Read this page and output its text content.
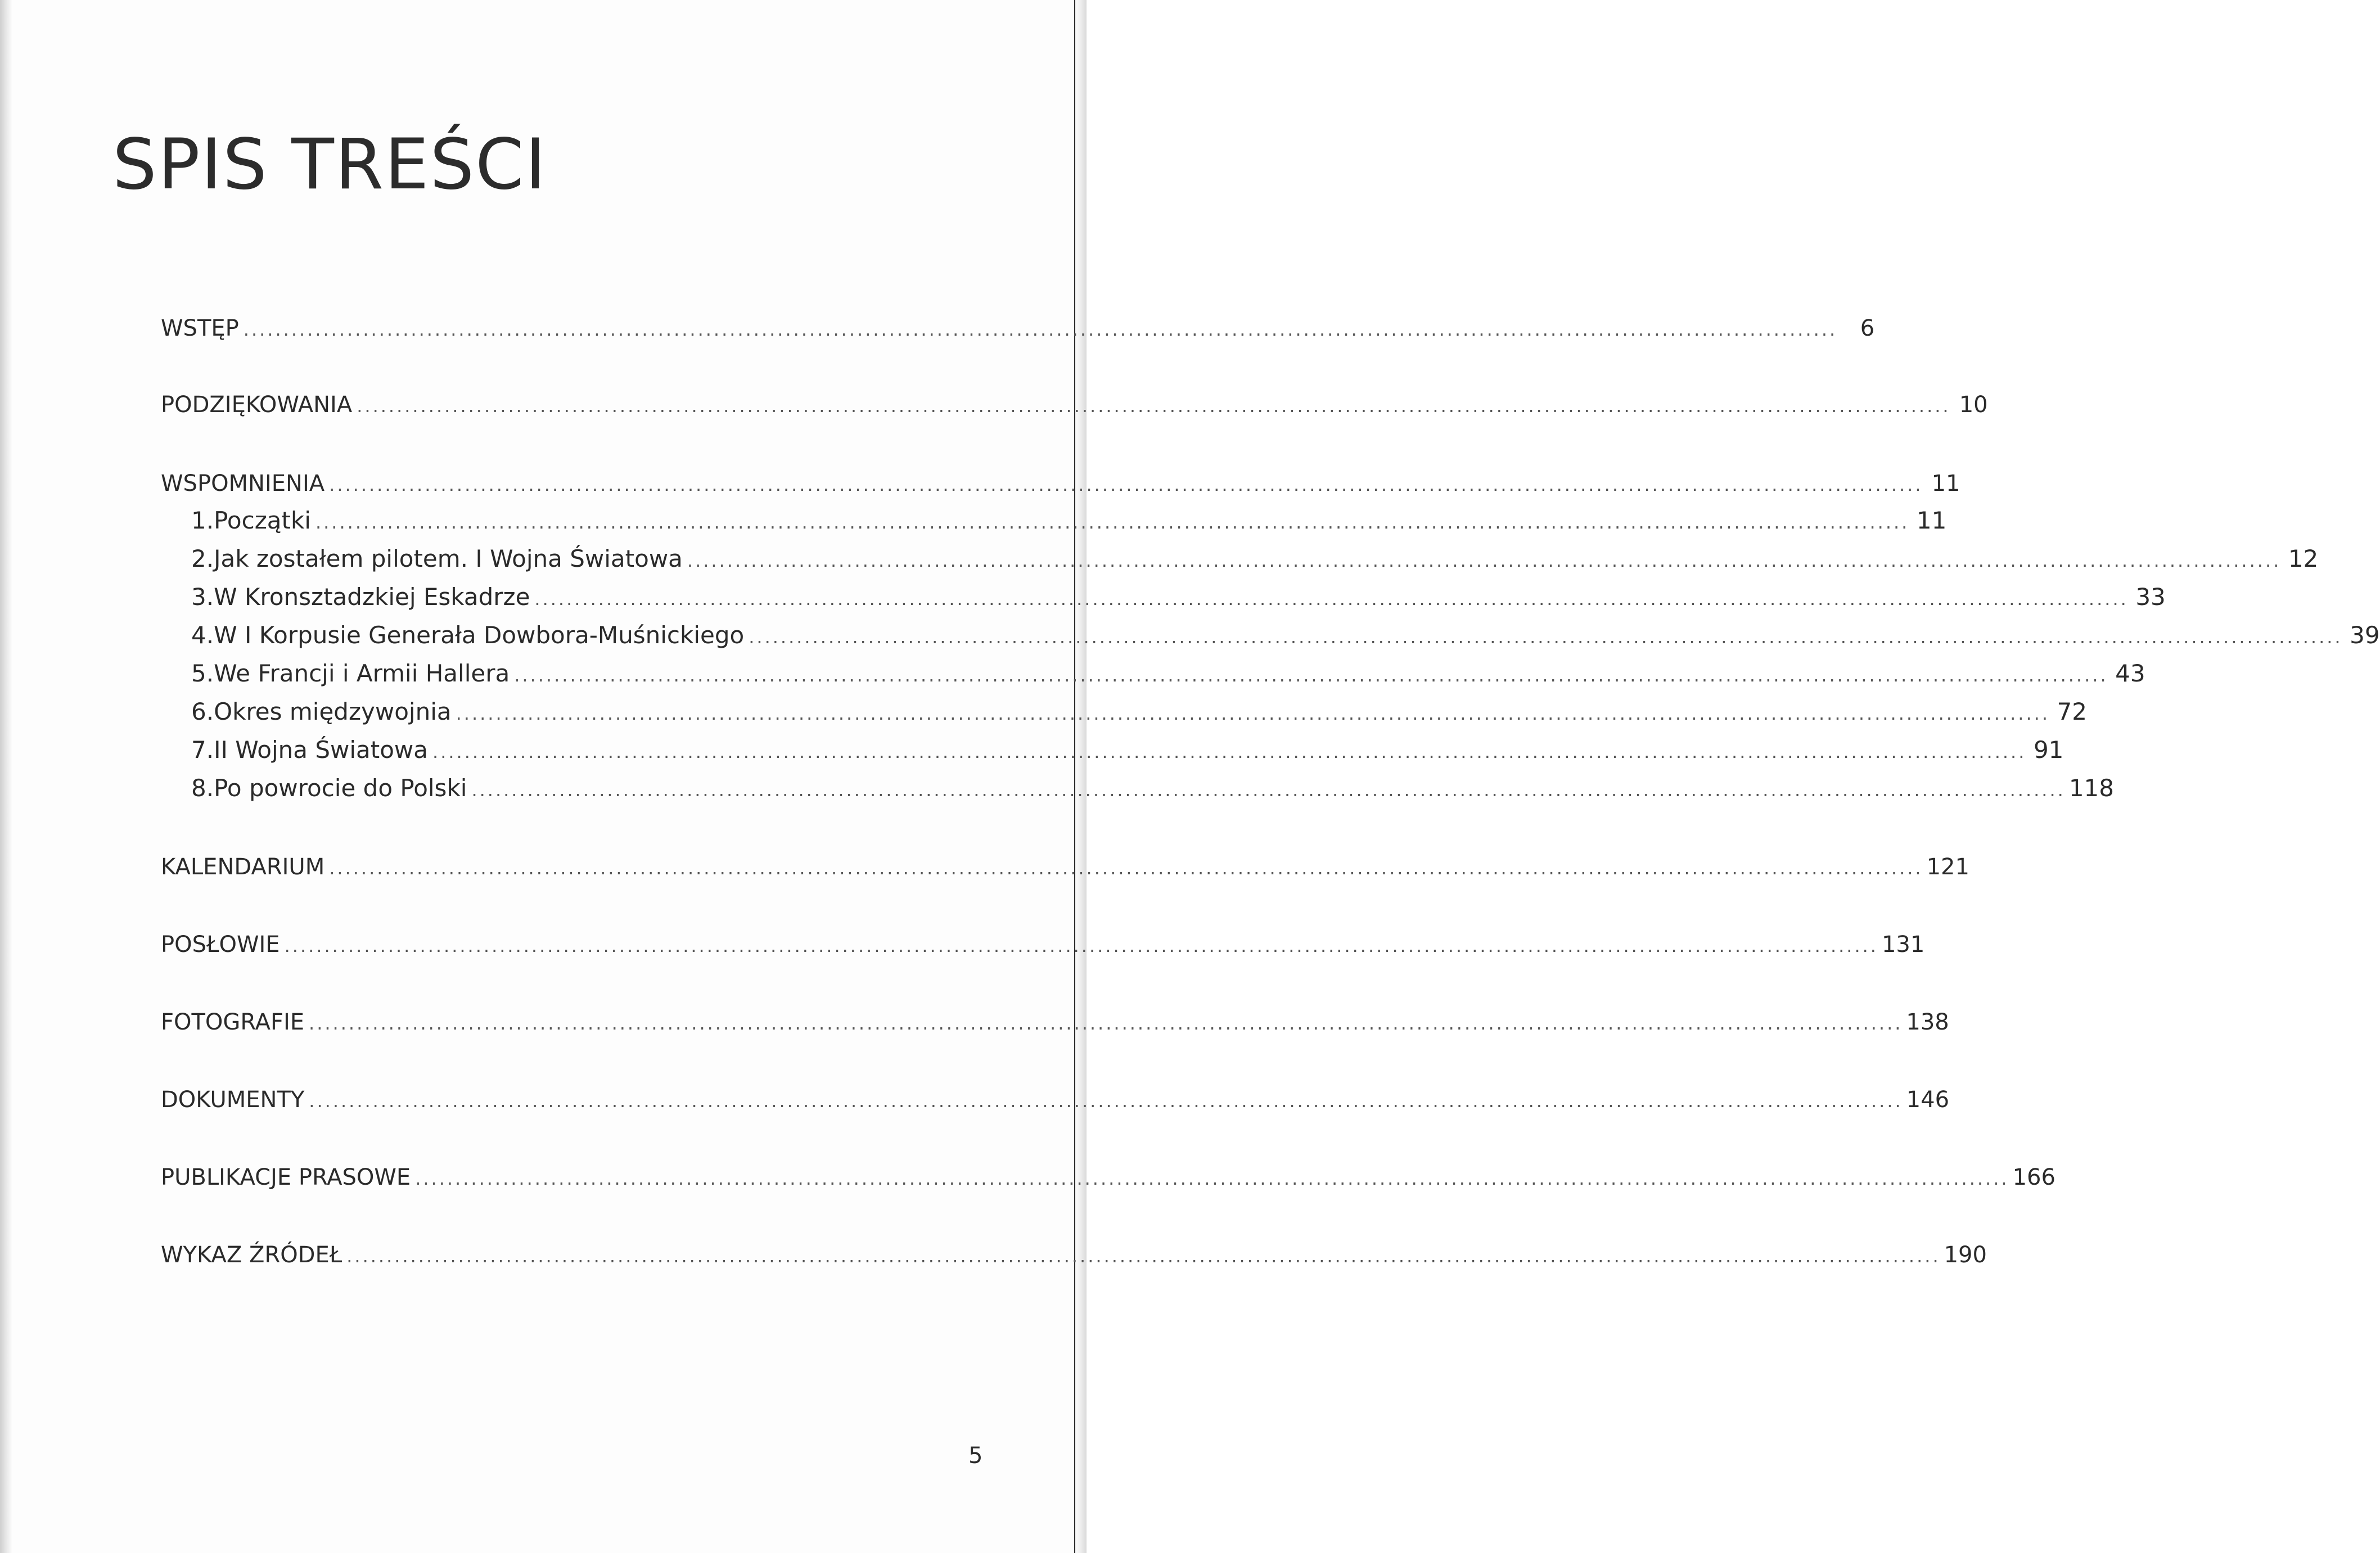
SPIS TREŚCI
WSTĘP ........................................................................................................................................................................................................	6
PODZIĘKOWANIA ........................................................................................................................................................................................................ 10
WSPOMNIENIA ........................................................................................................................................................................................................ 11
1. Początki ........................................................................................................................................................................................................ 11
2. Jak zostałem pilotem. I Wojna Światowa ........................................................................................................................................................................................................ 12
3. W Kronsztadzkiej Eskadrze ........................................................................................................................................................................................................ 33
4. W I Korpusie Generała Dowbora-Muśnickiego ........................................................................................................................................................................................................ 39
5. We Francji i Armii Hallera ........................................................................................................................................................................................................ 43
6. Okres międzywojnia ........................................................................................................................................................................................................ 72
7. II Wojna Światowa ........................................................................................................................................................................................................ 91
8. Po powrocie do Polski ........................................................................................................................................................................................................ 118
KALENDARIUM ........................................................................................................................................................................................................ 121
POSŁOWIE ........................................................................................................................................................................................................ 131
FOTOGRAFIE ........................................................................................................................................................................................................ 138
DOKUMENTY ........................................................................................................................................................................................................ 146
PUBLIKACJE PRASOWE ........................................................................................................................................................................................................ 166
WYKAZ ŹRÓDEŁ ........................................................................................................................................................................................................ 190
5
